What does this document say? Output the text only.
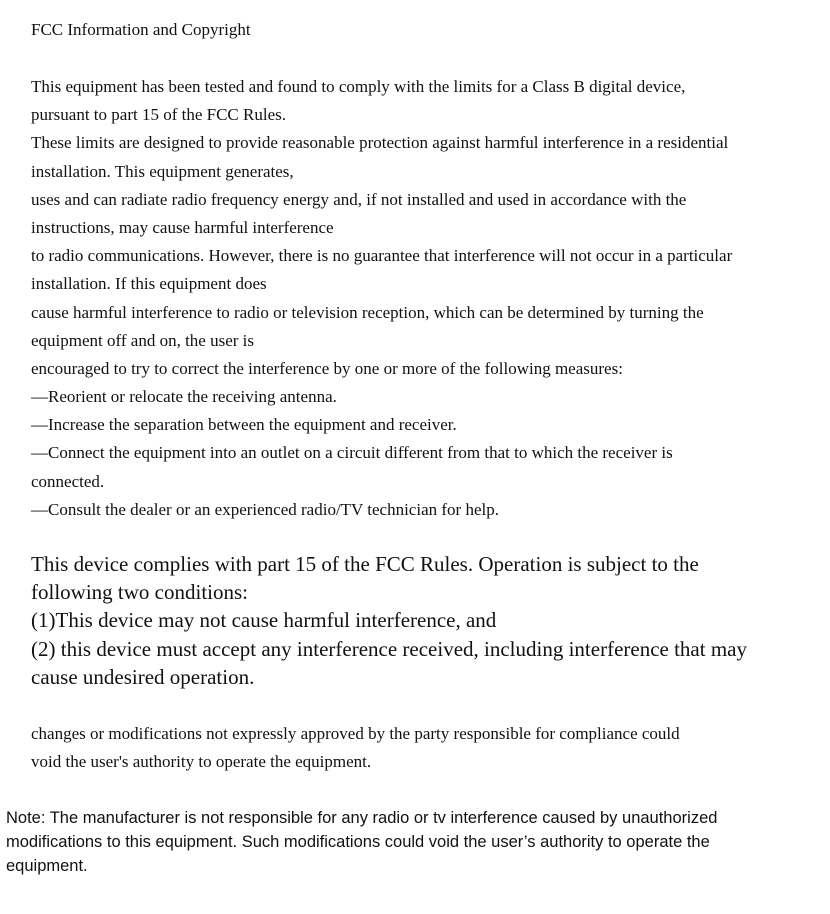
FCC Information and Copyright
This equipment has been tested and found to comply with the limits for a Class B digital device,
pursuant to part 15 of the FCC Rules.
These limits are designed to provide reasonable protection against harmful interference in a residential
installation. This equipment generates,
uses and can radiate radio frequency energy and, if not installed and used in accordance with the
instructions, may cause harmful interference
to radio communications. However, there is no guarantee that interference will not occur in a particular
installation. If this equipment does
cause harmful interference to radio or television reception, which can be determined by turning the
equipment off and on, the user is
encouraged to try to correct the interference by one or more of the following measures:
—Reorient or relocate the receiving antenna.
—Increase the separation between the equipment and receiver.
—Connect the equipment into an outlet on a circuit different from that to which the receiver is
connected.
—Consult the dealer or an experienced radio/TV technician for help.
This device complies with part 15 of the FCC Rules. Operation is subject to the
following two conditions:
(1)This device may not cause harmful interference, and
(2) this device must accept any interference received, including interference that may
cause undesired operation.
changes or modifications not expressly approved by the party responsible for compliance could
void the user's authority to operate the equipment.
Note: The manufacturer is not responsible for any radio or tv interference caused by unauthorized
modifications to this equipment. Such modifications could void the user’s authority to operate the
equipment.
